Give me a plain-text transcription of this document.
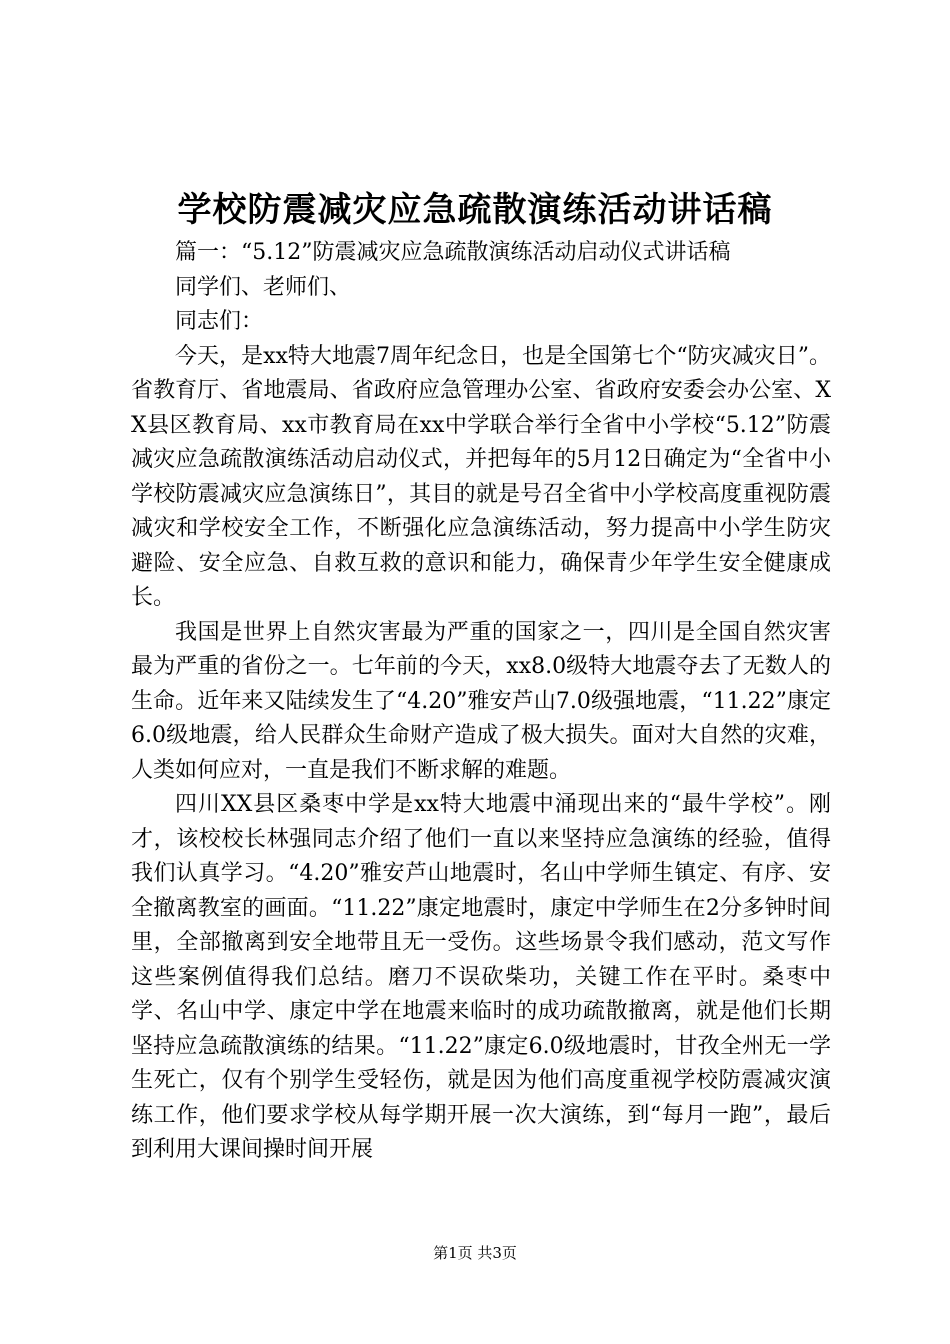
学校防震减灾应急疏散演练活动讲话稿

篇一：“5.12”防震减灾应急疏散演练活动启动仪式讲话稿

同学们、老师们、

同志们：

今天，是xx特大地震7周年纪念日，也是全国第七个“防灾减灾日”。省教育厅、省地震局、省政府应急管理办公室、省政府安委会办公室、XX县区教育局、xx市教育局在xx中学联合举行全省中小学校“5.12”防震减灾应急疏散演练活动启动仪式，并把每年的5月12日确定为“全省中小学校防震减灾应急演练日”，其目的就是号召全省中小学校高度重视防震减灾和学校安全工作，不断强化应急演练活动，努力提高中小学生防灾避险、安全应急、自救互救的意识和能力，确保青少年学生安全健康成长。

我国是世界上自然灾害最为严重的国家之一，四川是全国自然灾害最为严重的省份之一。七年前的今天，xx8.0级特大地震夺去了无数人的生命。近年来又陆续发生了“4.20”雅安芦山7.0级强地震，“11.22”康定6.0级地震，给人民群众生命财产造成了极大损失。面对大自然的灾难，人类如何应对，一直是我们不断求解的难题。

四川XX县区桑枣中学是xx特大地震中涌现出来的“最牛学校”。刚才，该校校长林强同志介绍了他们一直以来坚持应急演练的经验，值得我们认真学习。“4.20”雅安芦山地震时，名山中学师生镇定、有序、安全撤离教室的画面。“11.22”康定地震时，康定中学师生在2分多钟时间里，全部撤离到安全地带且无一受伤。这些场景令我们感动，范文写作这些案例值得我们总结。磨刀不误砍柴功，关键工作在平时。桑枣中学、名山中学、康定中学在地震来临时的成功疏散撤离，就是他们长期坚持应急疏散演练的结果。“11.22”康定6.0级地震时，甘孜全州无一学生死亡，仅有个别学生受轻伤，就是因为他们高度重视学校防震减灾演练工作，他们要求学校从每学期开展一次大演练，到“每月一跑”，最后到利用大课间操时间开展

第1页 共3页
